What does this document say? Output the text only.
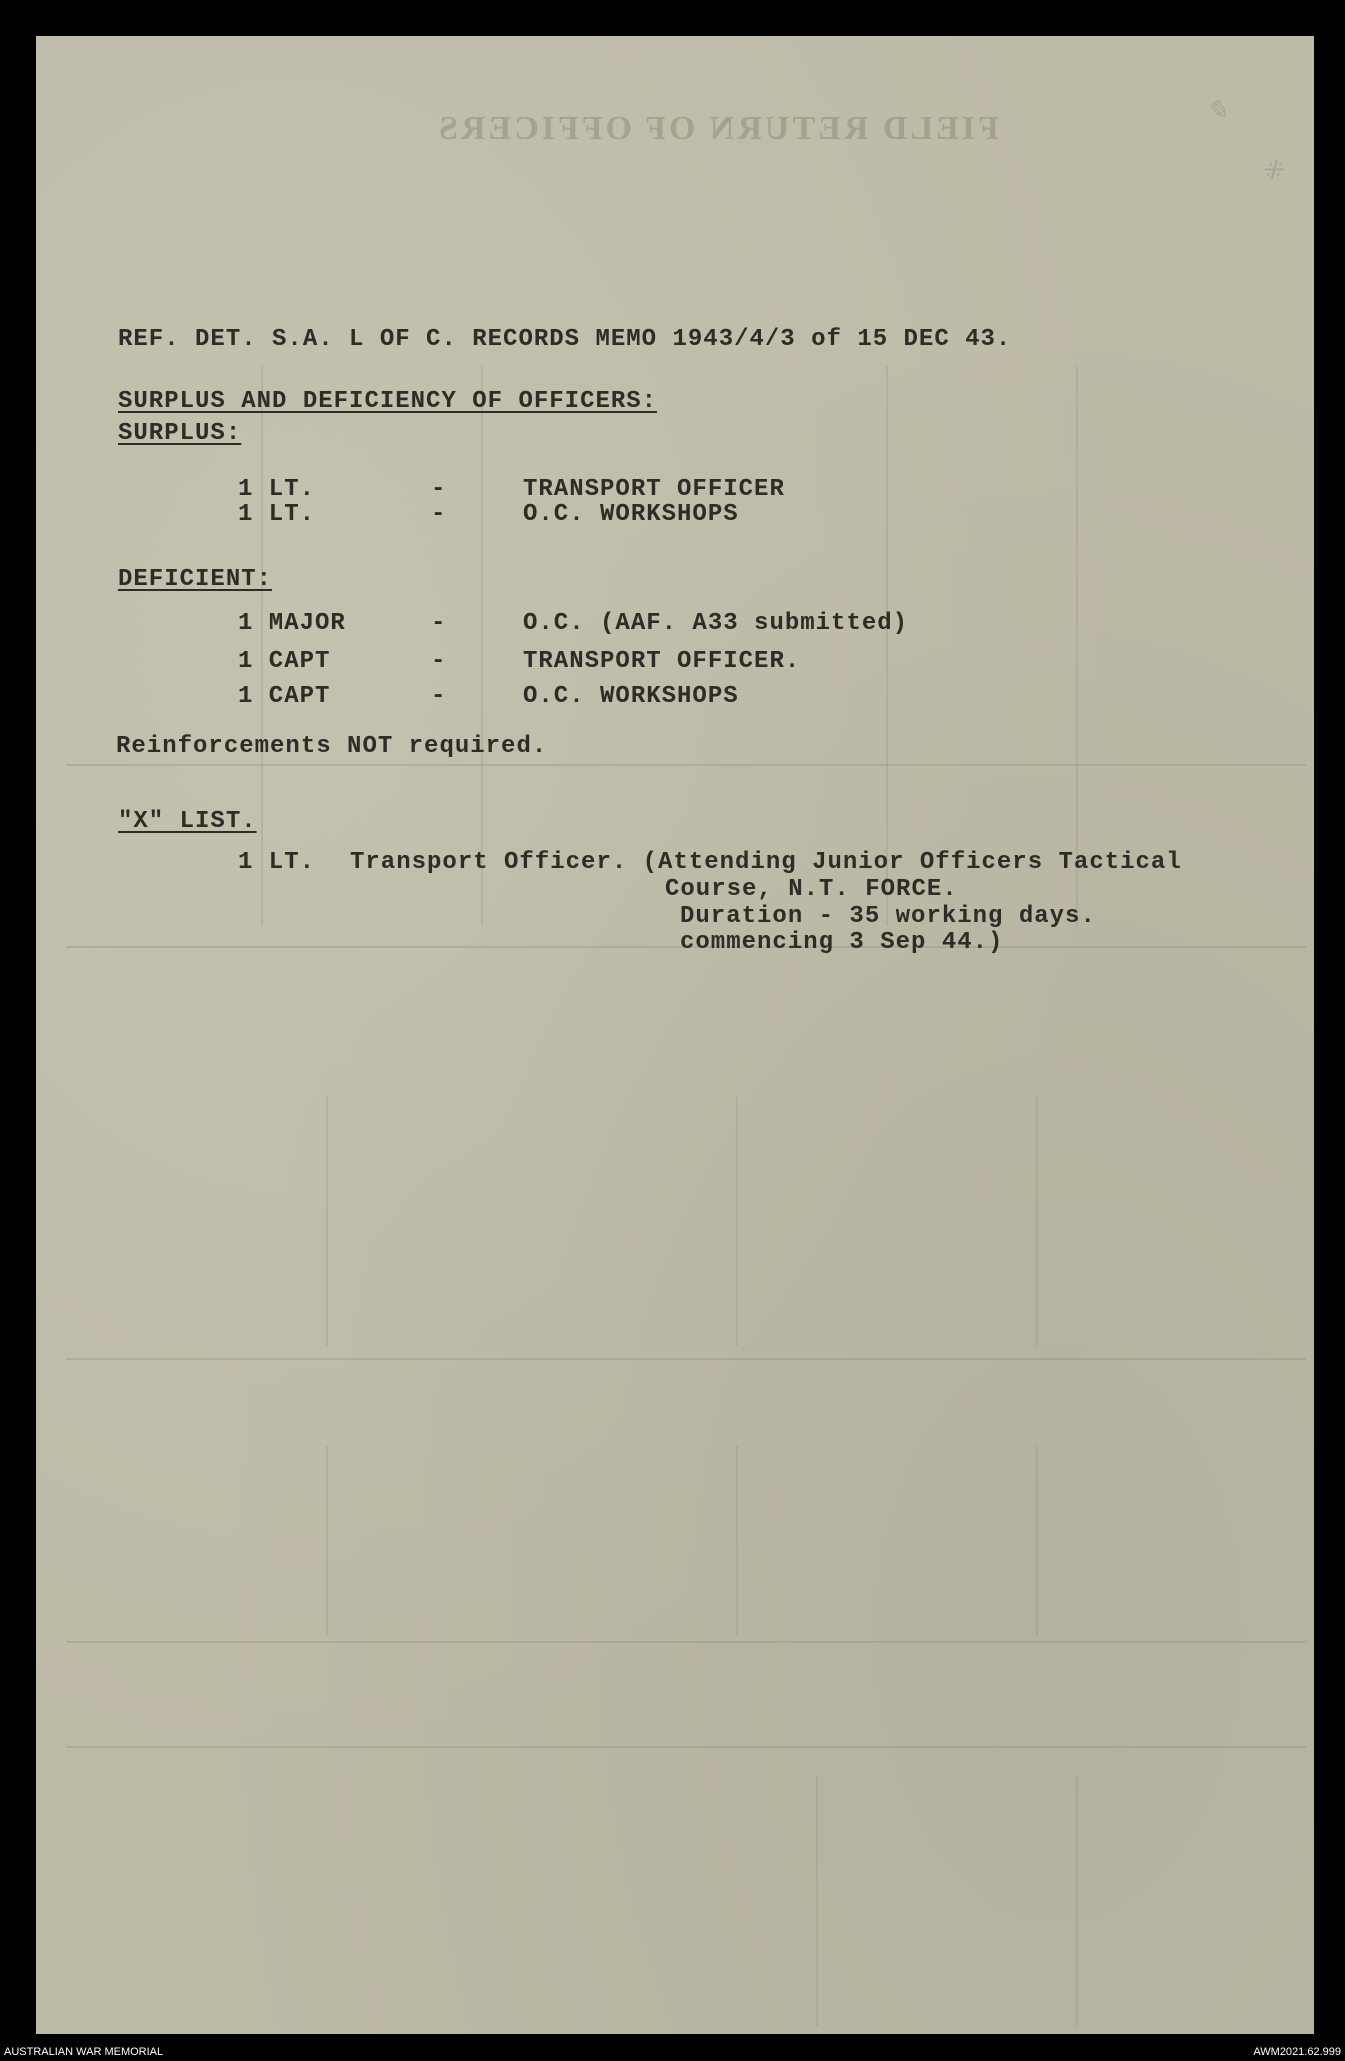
FIELD RETURN OF OFFICERS	✎
⁜
REF. DET. S.A. L OF C. RECORDS MEMO 1943/4/3 of 15 DEC 43.
SURPLUS AND DEFICIENCY OF OFFICERS:
SURPLUS:
1 LT.	-	TRANSPORT OFFICER
1 LT.	-	O.C. WORKSHOPS
DEFICIENT:
1 MAJOR	-	O.C. (AAF. A33 submitted)
1 CAPT	-	TRANSPORT OFFICER.
1 CAPT	-	O.C. WORKSHOPS
Reinforcements NOT required.
"X" LIST.
1 LT. Transport Officer. (Attending Junior Officers Tactical
Course, N.T. FORCE.
Duration - 35 working days.
commencing 3 Sep 44.)
AUSTRALIAN WAR MEMORIAL	AWM2021.62.999
